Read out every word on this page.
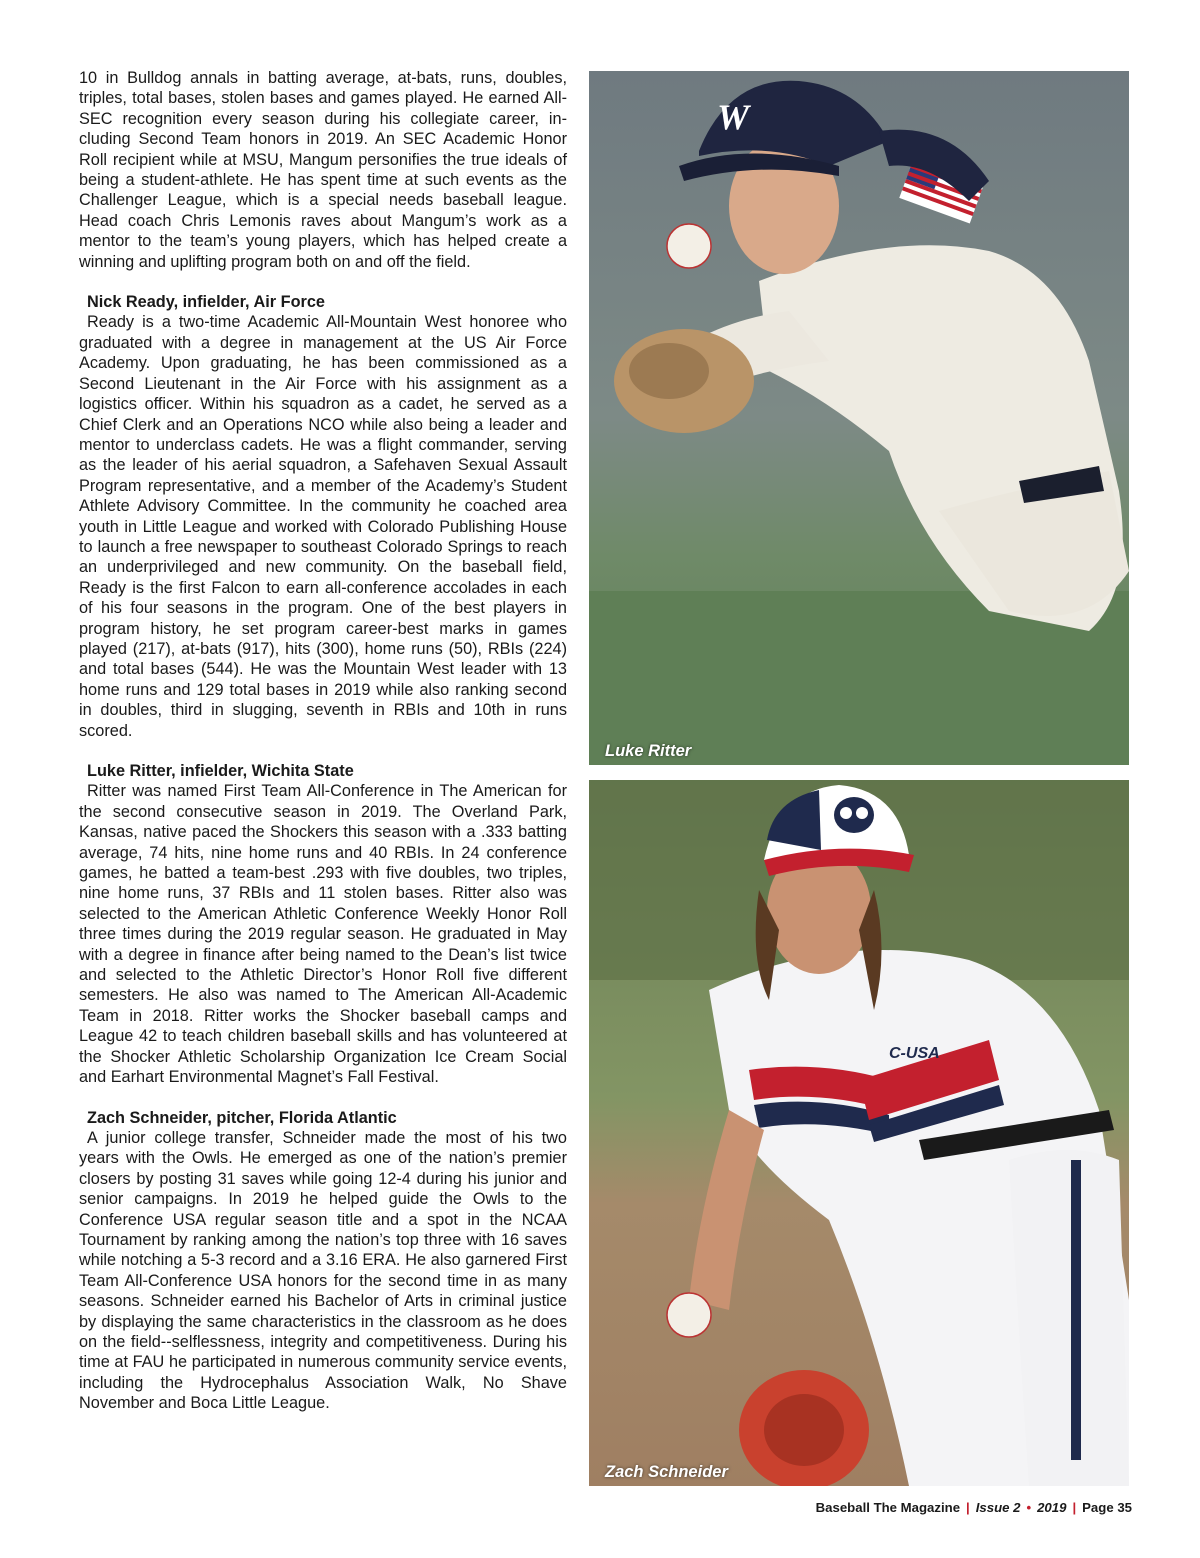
10 in Bulldog annals in batting average, at-bats, runs, doubles, triples, total bases, stolen bases and games played. He earned All-SEC recognition every season during his collegiate career, including Second Team honors in 2019. An SEC Academic Honor Roll recipient while at MSU, Mangum personifies the true ideals of being a student-athlete. He has spent time at such events as the Challenger League, which is a special needs baseball league. Head coach Chris Lemonis raves about Mangum’s work as a mentor to the team’s young players, which has helped create a winning and uplifting program both on and off the field.

Nick Ready, infielder, Air Force

Ready is a two-time Academic All-Mountain West honoree who graduated with a degree in management at the US Air Force Academy. Upon graduating, he has been commissioned as a Second Lieutenant in the Air Force with his assignment as a logistics officer. Within his squadron as a cadet, he served as a Chief Clerk and an Operations NCO while also being a leader and mentor to underclass cadets. He was a flight commander, serving as the leader of his aerial squadron, a Safehaven Sexual Assault Program representative, and a member of the Academy’s Student Athlete Advisory Committee. In the community he coached area youth in Little League and worked with Colorado Publishing House to launch a free newspaper to southeast Colorado Springs to reach an underprivileged and new community. On the baseball field, Ready is the first Falcon to earn all-conference accolades in each of his four seasons in the program. One of the best players in program history, he set program career-best marks in games played (217), at-bats (917), hits (300), home runs (50), RBIs (224) and total bases (544). He was the Mountain West leader with 13 home runs and 129 total bases in 2019 while also ranking second in doubles, third in slugging, seventh in RBIs and 10th in runs scored.

Luke Ritter, infielder, Wichita State

Ritter was named First Team All-Conference in The American for the second consecutive season in 2019. The Overland Park, Kansas, native paced the Shockers this season with a .333 batting average, 74 hits, nine home runs and 40 RBIs. In 24 conference games, he batted a team-best .293 with five doubles, two triples, nine home runs, 37 RBIs and 11 stolen bases. Ritter also was selected to the American Athletic Conference Weekly Honor Roll three times during the 2019 regular season. He graduated in May with a degree in finance after being named to the Dean’s list twice and selected to the Athletic Director’s Honor Roll five different semesters. He also was named to The American All-Academic Team in 2018. Ritter works the Shocker baseball camps and League 42 to teach children baseball skills and has volunteered at the Shocker Athletic Scholarship Organization Ice Cream Social and Earhart Environmental Magnet’s Fall Festival.

Zach Schneider, pitcher, Florida Atlantic

A junior college transfer, Schneider made the most of his two years with the Owls. He emerged as one of the nation’s premier closers by posting 31 saves while going 12-4 during his junior and senior campaigns. In 2019 he helped guide the Owls to the Conference USA regular season title and a spot in the NCAA Tournament by ranking among the nation’s top three with 16 saves while notching a 5-3 record and a 3.16 ERA. He also garnered First Team All-Conference USA honors for the second time in as many seasons. Schneider earned his Bachelor of Arts in criminal justice by displaying the same characteristics in the classroom as he does on the field--selflessness, integrity and competitiveness. During his time at FAU he participated in numerous community service events, including the Hydrocephalus Association Walk, No Shave November and Boca Little League.

W
Luke Ritter
C-USA
Zach Schneider
Baseball The Magazine | Issue 2 • 2019 | Page 35
